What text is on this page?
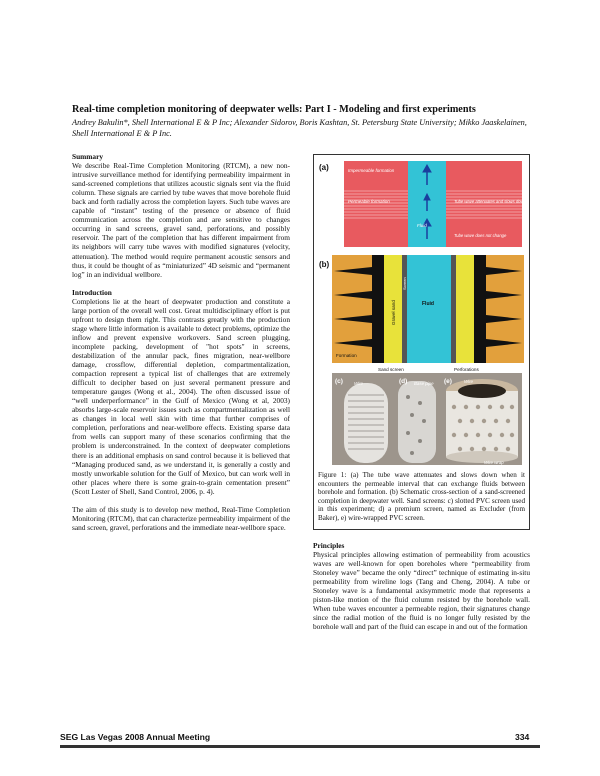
Real-time completion monitoring of deepwater wells: Part I - Modeling and first experiments
Andrey Bakulin*, Shell International E & P Inc; Alexander Sidorov, Boris Kashtan, St. Petersburg State University; Mikko Jaaskelainen, Shell International E & P Inc.

Summary

We describe Real-Time Completion Monitoring (RTCM), a new non-intrusive surveillance method for identifying permeability impairment in sand-screened completions that utilizes acoustic signals sent via the fluid column. These signals are carried by tube waves that move borehole fluid back and forth radially across the completion layers. Such tube waves are capable of “instant” testing of the presence or absence of fluid communication across the completion and are sensitive to changes occurring in sand screens, gravel sand, perforations, and possibly reservoir. The part of the completion that has different impairment from its neighbors will carry tube waves with modified signatures (velocity, attenuation). The method would require permanent acoustic sensors and thus, it could be thought of as “miniaturized” 4D seismic and “permanent log” in an individual wellbore.

Introduction

Completions lie at the heart of deepwater production and constitute a large portion of the overall well cost. Great multidisciplinary effort is put upfront to design them right. This contrasts greatly with the production stage where little information is available to detect problems, optimize the inflow and prevent expensive workovers. Sand screen plugging, incomplete packing, development of "hot spots" in screens, destabilization of the annular pack, fines migration, near-wellbore damage, crossflow, differential depletion, compartmentalization, compaction represent a typical list of challenges that are extremely difficult to decipher based on just several permanent pressure and temperature gauges (Wong et al., 2004). The often discussed issue of “well underperformance” in the Gulf of Mexico (Wong et al, 2003) absorbs large-scale reservoir issues such as compartmentalization as well as changes in local well skin with time that further comprises of completion, perforations and near-wellbore effects. Existing sparse data from wells can support many of these scenarios confirming that the problem is underconstrained. In the context of deepwater completions there is an additional emphasis on sand control because it is believed that “Managing produced sand, as we understand it, is generally a costly and mostly unworkable solution for the Gulf of Mexico, but can work well in other places where there is some grain-to-grain cementation present” (Scott Lester of Shell, Sand Control, 2006, p. 4).

The aim of this study is to develop new method, Real-Time Completion Monitoring (RTCM), that can characterize permeability impairment of the sand screen, gravel, perforations and the immediate near-wellbore space.

(a)	Impermeable formation
Permeable formation
Fluid
Tube wave attenuates and slows down
Tube wave does not change
(b)
Fluid
Formation
Gravel sand
Screen
Sand screen	Perforations
(c)	(d)	(e)
Wire	Base pipe	Wire
Wire wrap
Figure 1: (a) The tube wave attenuates and slows down when it encounters the permeable interval that can exchange fluids between borehole and formation. (b) Schematic cross-section of a sand-screened completion in deepwater well. Sand screens: c) slotted PVC screen used in this experiment; d) a premium screen, named as Excluder (from Baker), e) wire-wrapped PVC screen.

Principles

Physical principles allowing estimation of permeability from acoustics waves are well-known for open boreholes where “permeability from Stoneley wave” became the only “direct” technique of estimating in-situ permeability from wireline logs (Tang and Cheng, 2004). A tube or Stoneley wave is a fundamental axisymmetric mode that represents a piston-like motion of the fluid column resisted by the borehole wall. When tube waves encounter a permeable region, their signatures change since the radial motion of the fluid is no longer fully resisted by the borehole wall and part of the fluid can escape in and out of the formation

SEG Las Vegas 2008 Annual Meeting	334
